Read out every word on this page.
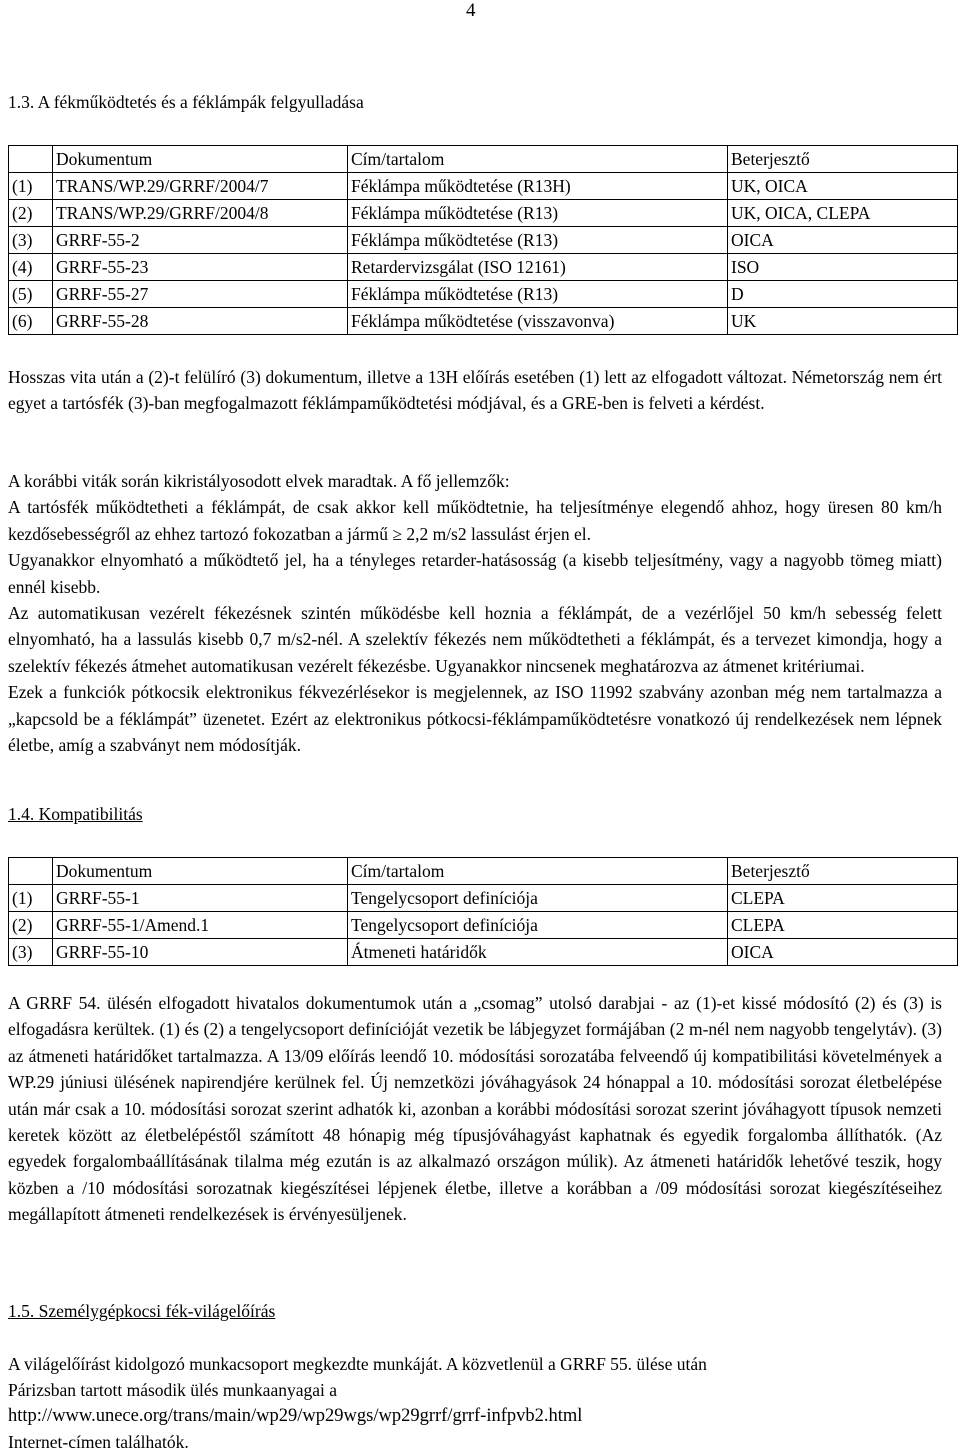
4
1.3. A fékműködtetés és a féklámpák felgyulladása
	Dokumentum	Cím/tartalom	Beterjesztő
(1)	TRANS/WP.29/GRRF/2004/7	Féklámpa működtetése (R13H)	UK, OICA
(2)	TRANS/WP.29/GRRF/2004/8	Féklámpa működtetése (R13)	UK, OICA, CLEPA
(3)	GRRF-55-2	Féklámpa működtetése (R13)	OICA
(4)	GRRF-55-23	Retardervizsgálat (ISO 12161)	ISO
(5)	GRRF-55-27	Féklámpa működtetése (R13)	D
(6)	GRRF-55-28	Féklámpa működtetése (visszavonva)	UK

Hosszas vita után a (2)-t felülíró (3) dokumentum, illetve a 13H előírás esetében (1) lett az elfogadott változat. Németország nem ért egyet a tartósfék (3)-ban megfogalmazott féklámpaműködtetési módjával, és a GRE-ben is felveti a kérdést.

A korábbi viták során kikristályosodott elvek maradtak. A fő jellemzők:

A tartósfék működtetheti a féklámpát, de csak akkor kell működtetnie, ha teljesítménye elegendő ahhoz, hogy üresen 80 km/h kezdősebességről az ehhez tartozó fokozatban a jármű ≥ 2,2 m/s2 lassulást érjen el.

Ugyanakkor elnyomható a működtető jel, ha a tényleges retarder-hatásosság (a kisebb teljesítmény, vagy a nagyobb tömeg miatt) ennél kisebb.

Az automatikusan vezérelt fékezésnek szintén működésbe kell hoznia a féklámpát, de a vezérlőjel 50 km/h sebesség felett elnyomható, ha a lassulás kisebb 0,7 m/s2-nél. A szelektív fékezés nem működtetheti a féklámpát, és a tervezet kimondja, hogy a szelektív fékezés átmehet automatikusan vezérelt fékezésbe. Ugyanakkor nincsenek meghatározva az átmenet kritériumai.

Ezek a funkciók pótkocsik elektronikus fékvezérlésekor is megjelennek, az ISO 11992 szabvány azonban még nem tartalmazza a „kapcsold be a féklámpát” üzenetet. Ezért az elektronikus pótkocsi-féklámpaműködtetésre vonatkozó új rendelkezések nem lépnek életbe, amíg a szabványt nem módosítják.

1.4. Kompatibilitás
	Dokumentum	Cím/tartalom	Beterjesztő
(1)	GRRF-55-1	Tengelycsoport definíciója	CLEPA
(2)	GRRF-55-1/Amend.1	Tengelycsoport definíciója	CLEPA
(3)	GRRF-55-10	Átmeneti határidők	OICA

A GRRF 54. ülésén elfogadott hivatalos dokumentumok után a „csomag” utolsó darabjai - az (1)-et kissé módosító (2) és (3) is elfogadásra kerültek. (1) és (2) a tengelycsoport definícióját vezetik be lábjegyzet formájában (2 m-nél nem nagyobb tengelytáv). (3) az átmeneti határidőket tartalmazza. A 13/09 előírás leendő 10. módosítási sorozatába felveendő új kompatibilitási követelmények a WP.29 júniusi ülésének napirendjére kerülnek fel. Új nemzetközi jóváhagyások 24 hónappal a 10. módosítási sorozat életbelépése után már csak a 10. módosítási sorozat szerint adhatók ki, azonban a korábbi módosítási sorozat szerint jóváhagyott típusok nemzeti keretek között az életbelépéstől számított 48 hónapig még típusjóváhagyást kaphatnak és egyedik forgalomba állíthatók. (Az egyedek forgalombaállításának tilalma még ezután is az alkalmazó országon múlik). Az átmeneti határidők lehetővé teszik, hogy közben a /10 módosítási sorozatnak kiegészítései lépjenek életbe, illetve a korábban a /09 módosítási sorozat kiegészítéseihez megállapított átmeneti rendelkezések is érvényesüljenek.

1.5. Személygépkocsi fék-világelőírás
A világelőírást kidolgozó munkacsoport megkezdte munkáját. A közvetlenül a GRRF 55. ülése után
Párizsban tartott második ülés munkaanyagai a
http://www.unece.org/trans/main/wp29/wp29wgs/wp29grrf/grrf-infpvb2.html
Internet-címen találhatók.
